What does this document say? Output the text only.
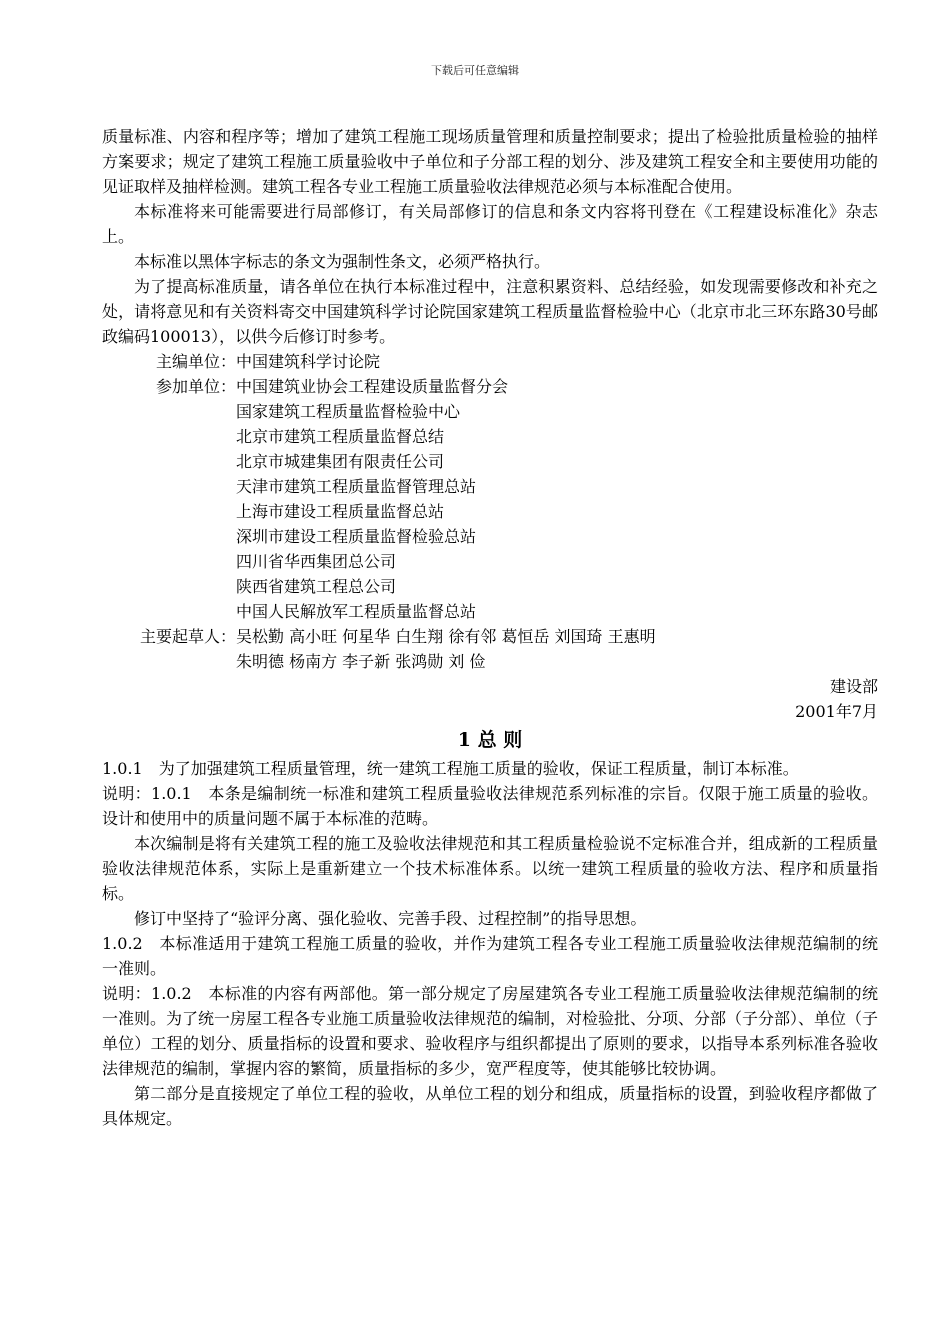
下载后可任意编辑

质量标准、内容和程序等；增加了建筑工程施工现场质量管理和质量控制要求；提出了检验批质量检验的抽样方案要求；规定了建筑工程施工质量验收中子单位和子分部工程的划分、涉及建筑工程安全和主要使用功能的见证取样及抽样检测。建筑工程各专业工程施工质量验收法律规范必须与本标准配合使用。

本标准将来可能需要进行局部修订，有关局部修订的信息和条文内容将刊登在《工程建设标准化》杂志上。

本标准以黑体字标志的条文为强制性条文，必须严格执行。

为了提高标准质量，请各单位在执行本标准过程中，注意积累资料、总结经验，如发现需要修改和补充之处，请将意见和有关资料寄交中国建筑科学讨论院国家建筑工程质量监督检验中心（北京市北三环东路30号邮政编码100013），以供今后修订时参考。

主编单位： 中国建筑科学讨论院
参加单位： 中国建筑业协会工程建设质量监督分会
国家建筑工程质量监督检验中心
北京市建筑工程质量监督总结
北京市城建集团有限责任公司
天津市建筑工程质量监督管理总站
上海市建设工程质量监督总站
深圳市建设工程质量监督检验总站
四川省华西集团总公司
陕西省建筑工程总公司
中国人民解放军工程质量监督总站
主要起草人： 吴松勤 高小旺 何星华 白生翔 徐有邻 葛恒岳 刘国琦 王惠明
朱明德 杨南方 李子新 张鸿勋 刘 俭
建设部
2001年7月
1 总 则

1.0.1　为了加强建筑工程质量管理，统一建筑工程施工质量的验收，保证工程质量，制订本标准。

说明：1.0.1　本条是编制统一标准和建筑工程质量验收法律规范系列标准的宗旨。仅限于施工质量的验收。设计和使用中的质量问题不属于本标准的范畴。

本次编制是将有关建筑工程的施工及验收法律规范和其工程质量检验说不定标准合并，组成新的工程质量验收法律规范体系，实际上是重新建立一个技术标准体系。以统一建筑工程质量的验收方法、程序和质量指标。

修订中坚持了“验评分离、强化验收、完善手段、过程控制”的指导思想。

1.0.2　本标准适用于建筑工程施工质量的验收，并作为建筑工程各专业工程施工质量验收法律规范编制的统一准则。

说明：1.0.2　本标准的内容有两部他。第一部分规定了房屋建筑各专业工程施工质量验收法律规范编制的统一准则。为了统一房屋工程各专业施工质量验收法律规范的编制，对检验批、分项、分部（子分部）、单位（子单位）工程的划分、质量指标的设置和要求、验收程序与组织都提出了原则的要求，以指导本系列标准各验收法律规范的编制，掌握内容的繁简，质量指标的多少，宽严程度等，使其能够比较协调。

第二部分是直接规定了单位工程的验收，从单位工程的划分和组成，质量指标的设置，到验收程序都做了具体规定。
